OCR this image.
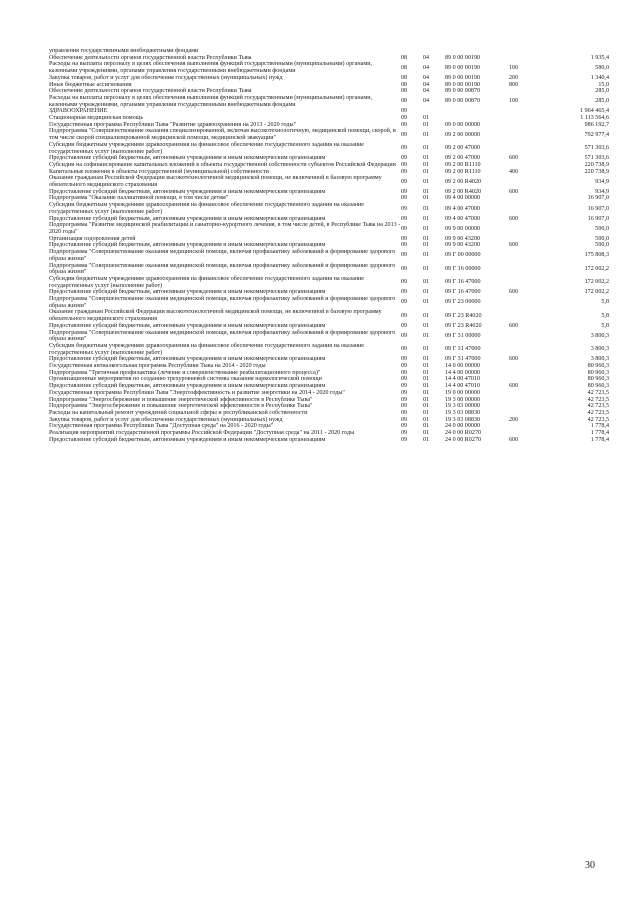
управления государственными внебюджетными фондами					
Обеспечение деятельности органов государственной власти Республики Тыва	08	04	89 0 00 00190		1 935,4
Расходы на выплаты персоналу в целях обеспечения выполнения функций государственными (муниципальными) органами, казенными учреждениями, органами управления государственными внебюджетными фондами	08	04	89 0 00 00190	100	580,0
Закупка товаров, работ и услуг для обеспечения государственных (муниципальных) нужд	08	04	89 0 00 00190	200	1 340,4
Иные бюджетные ассигнования	08	04	89 0 00 00190	800	15,0
Обеспечение деятельности органов государственной власти Республики Тыва	08	04	89 0 00 00870		285,0
Расходы на выплаты персоналу в целях обеспечения выполнения функций государственными (муниципальными) органами, казенными учреждениями, органами управления государственными внебюджетными фондами	08	04	89 0 00 00870	100	285,0
ЗДРАВООХРАНЕНИЕ	09				1 964 465,4
Стационарная медицинская помощь	09	01			1 113 564,6
Государственная программа Республики Тыва "Развитие здравоохранения на 2013 - 2020 годы"	09	01	09 0 00 00000		986 192,7
Подпрограмма "Совершенствование оказания специализированной, включая высокотехнологичную, медицинской помощи, скорой, в том числе скорой специализированной медицинской помощи, медицинской эвакуации"	09	01	09 2 00 00000		792 977,4
Субсидии бюджетным учреждениям здравоохранения на финансовое обеспечение государственного задания на оказание государственных услуг (выполнение работ)	09	01	09 2 00 47000		571 303,6
Предоставление субсидий бюджетным, автономным учреждениям и иным некоммерческим организациям	09	01	09 2 00 47000	600	571 303,6
Субсидии на софинансирование капитальных вложений в объекты государственной собственности субъектов Российской Федерации	09	01	09 2 00 R1110		220 738,9
Капитальные вложения в объекты государственной (муниципальной) собственности	09	01	09 2 00 R1110	400	220 738,9
Оказание гражданам Российской Федерации высокотехнологичной медицинской помощи, не включенной в базовую программу обязательного медицинского страхования	09	01	09 2 00 R4020		934,9
Предоставление субсидий бюджетным, автономным учреждениям и иным некоммерческим организациям	09	01	09 2 00 R4020	600	934,9
Подпрограмма "Оказание паллиативной помощи, в том числе детям"	09	01	09 4 00 00000		16 907,0
Субсидии бюджетным учреждениям здравоохранения на финансовое обеспечение государственного задания на оказание государственных услуг (выполнение работ)	09	01	09 4 00 47000		16 907,0
Предоставление субсидий бюджетным, автономным учреждениям и иным некоммерческим организациям	09	01	09 4 00 47000	600	16 907,0
Подпрограмма "Развитие медицинской реабилитации и санаторно-курортного лечения, в том числе детей, в Республике Тыва на 2013 - 2020 годы"	09	01	09 9 00 00000		500,0
Организация оздоровления детей	09	01	09 9 00 43200		500,0
Предоставление субсидий бюджетным, автономным учреждениям и иным некоммерческим организациям	09	01	09 9 00 43200	600	500,0
Подпрограмма "Совершенствование оказания медицинской помощи, включая профилактику заболеваний и формирование здорового образа жизни"	09	01	09 Г 00 00000		175 808,3
Подпрограмма "Совершенствование оказания медицинской помощи, включая профилактику заболеваний и формирование здорового образа жизни"	09	01	09 Г 16 00000		172 002,2
Субсидии бюджетным учреждениям здравоохранения на финансовое обеспечение государственного задания на оказание государственных услуг (выполнение работ)	09	01	09 Г 16 47000		172 002,2
Предоставление субсидий бюджетным, автономным учреждениям и иным некоммерческим организациям	09	01	09 Г 16 47000	600	172 002,2
Подпрограмма "Совершенствование оказания медицинской помощи, включая профилактику заболеваний и формирование здорового образа жизни"	09	01	09 Г 23 00000		5,8
Оказание гражданам Российской Федерации высокотехнологичной медицинской помощи, не включенной в базовую программу обязательного медицинского страхования	09	01	09 Г 23 R4020		5,8
Предоставление субсидий бюджетным, автономным учреждениям и иным некоммерческим организациям	09	01	09 Г 23 R4020	600	5,8
Подпрограмма "Совершенствование оказания медицинской помощи, включая профилактику заболеваний и формирование здорового образа жизни"	09	01	09 Г 31 00000		3 800,3
Субсидии бюджетным учреждениям здравоохранения на финансовое обеспечение государственного задания на оказание государственных услуг (выполнение работ)	09	01	09 Г 31 47000		3 800,3
Предоставление субсидий бюджетным, автономным учреждениям и иным некоммерческим организациям	09	01	09 Г 31 47000	600	3 800,3
Государственная антиалкогольная программа Республики Тыва на 2014 - 2020 годы	09	01	14 0 00 00000		80 960,3
Подпрограмма "Третичная профилактика (лечение и совершенствование реабилитационного процесса)"	09	01	14 4 00 00000		80 960,3
Организационные мероприятия по созданию трехуровневой системы оказания наркологической помощи	09	01	14 4 00 47010		80 960,3
Предоставление субсидий бюджетным, автономным учреждениям и иным некоммерческим организациям	09	01	14 4 00 47010	600	80 960,3
Государственная программа Республики Тыва "Энергоэффективность и развитие энергетики на 2014 - 2020 годы"	09	01	19 0 00 00000		42 723,5
Подпрограмма "Энергосбережение и повышение энергетической эффективности в Республике Тыва"	09	01	19 3 00 00000		42 723,5
Подпрограмма "Энергосбережение и повышение энергетической эффективности в Республике Тыва"	09	01	19 3 03 00000		42 723,5
Расходы на капитальный ремонт учреждений социальной сферы и республиканской собственности	09	01	19 3 03 08830		42 723,5
Закупка товаров, работ и услуг для обеспечения государственных (муниципальных) нужд	09	01	19 3 03 08830	200	42 723,5
Государственная программа Республики Тыва "Доступная среда" на 2016 - 2020 годы"	09	01	24 0 00 00000		1 778,4
Реализация мероприятий государственной программы Российской Федерации "Доступная среда" на 2011 - 2020 годы	09	01	24 0 00 R0270		1 778,4
Предоставление субсидий бюджетным, автономным учреждениям и иным некоммерческим организациям	09	01	24 0 00 R0270	600	1 778,4
30
